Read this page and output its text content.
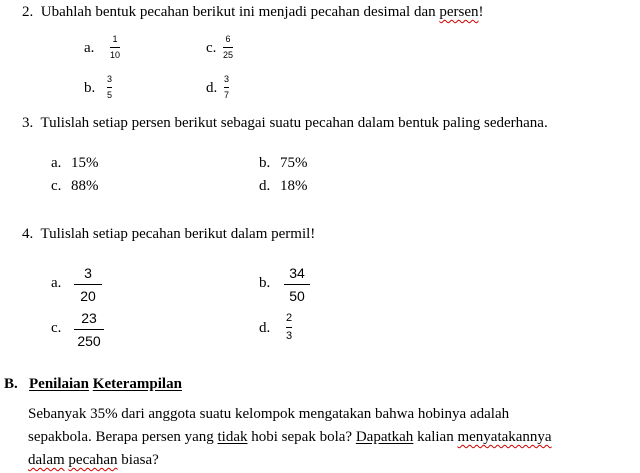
2. Ubahlah bentuk pecahan berikut ini menjadi pecahan desimal dan persen!
a.
1
10	c.
6
25
b.
3
5	d.
3
7
3. Tulislah setiap persen berikut sebagai suatu pecahan dalam bentuk paling sederhana.
a. 15%	b. 75%
c. 88%	d. 18%
4. Tulislah setiap pecahan berikut dalam permil!
a.
3
20
b.
34
50
c.
23
250
d.
2
3
B. Penilaian Keterampilan
Sebanyak 35% dari anggota suatu kelompok mengatakan bahwa hobinya adalah
sepakbola. Berapa persen yang tidak hobi sepak bola? Dapatkah kalian menyatakannya
dalam pecahan biasa?
